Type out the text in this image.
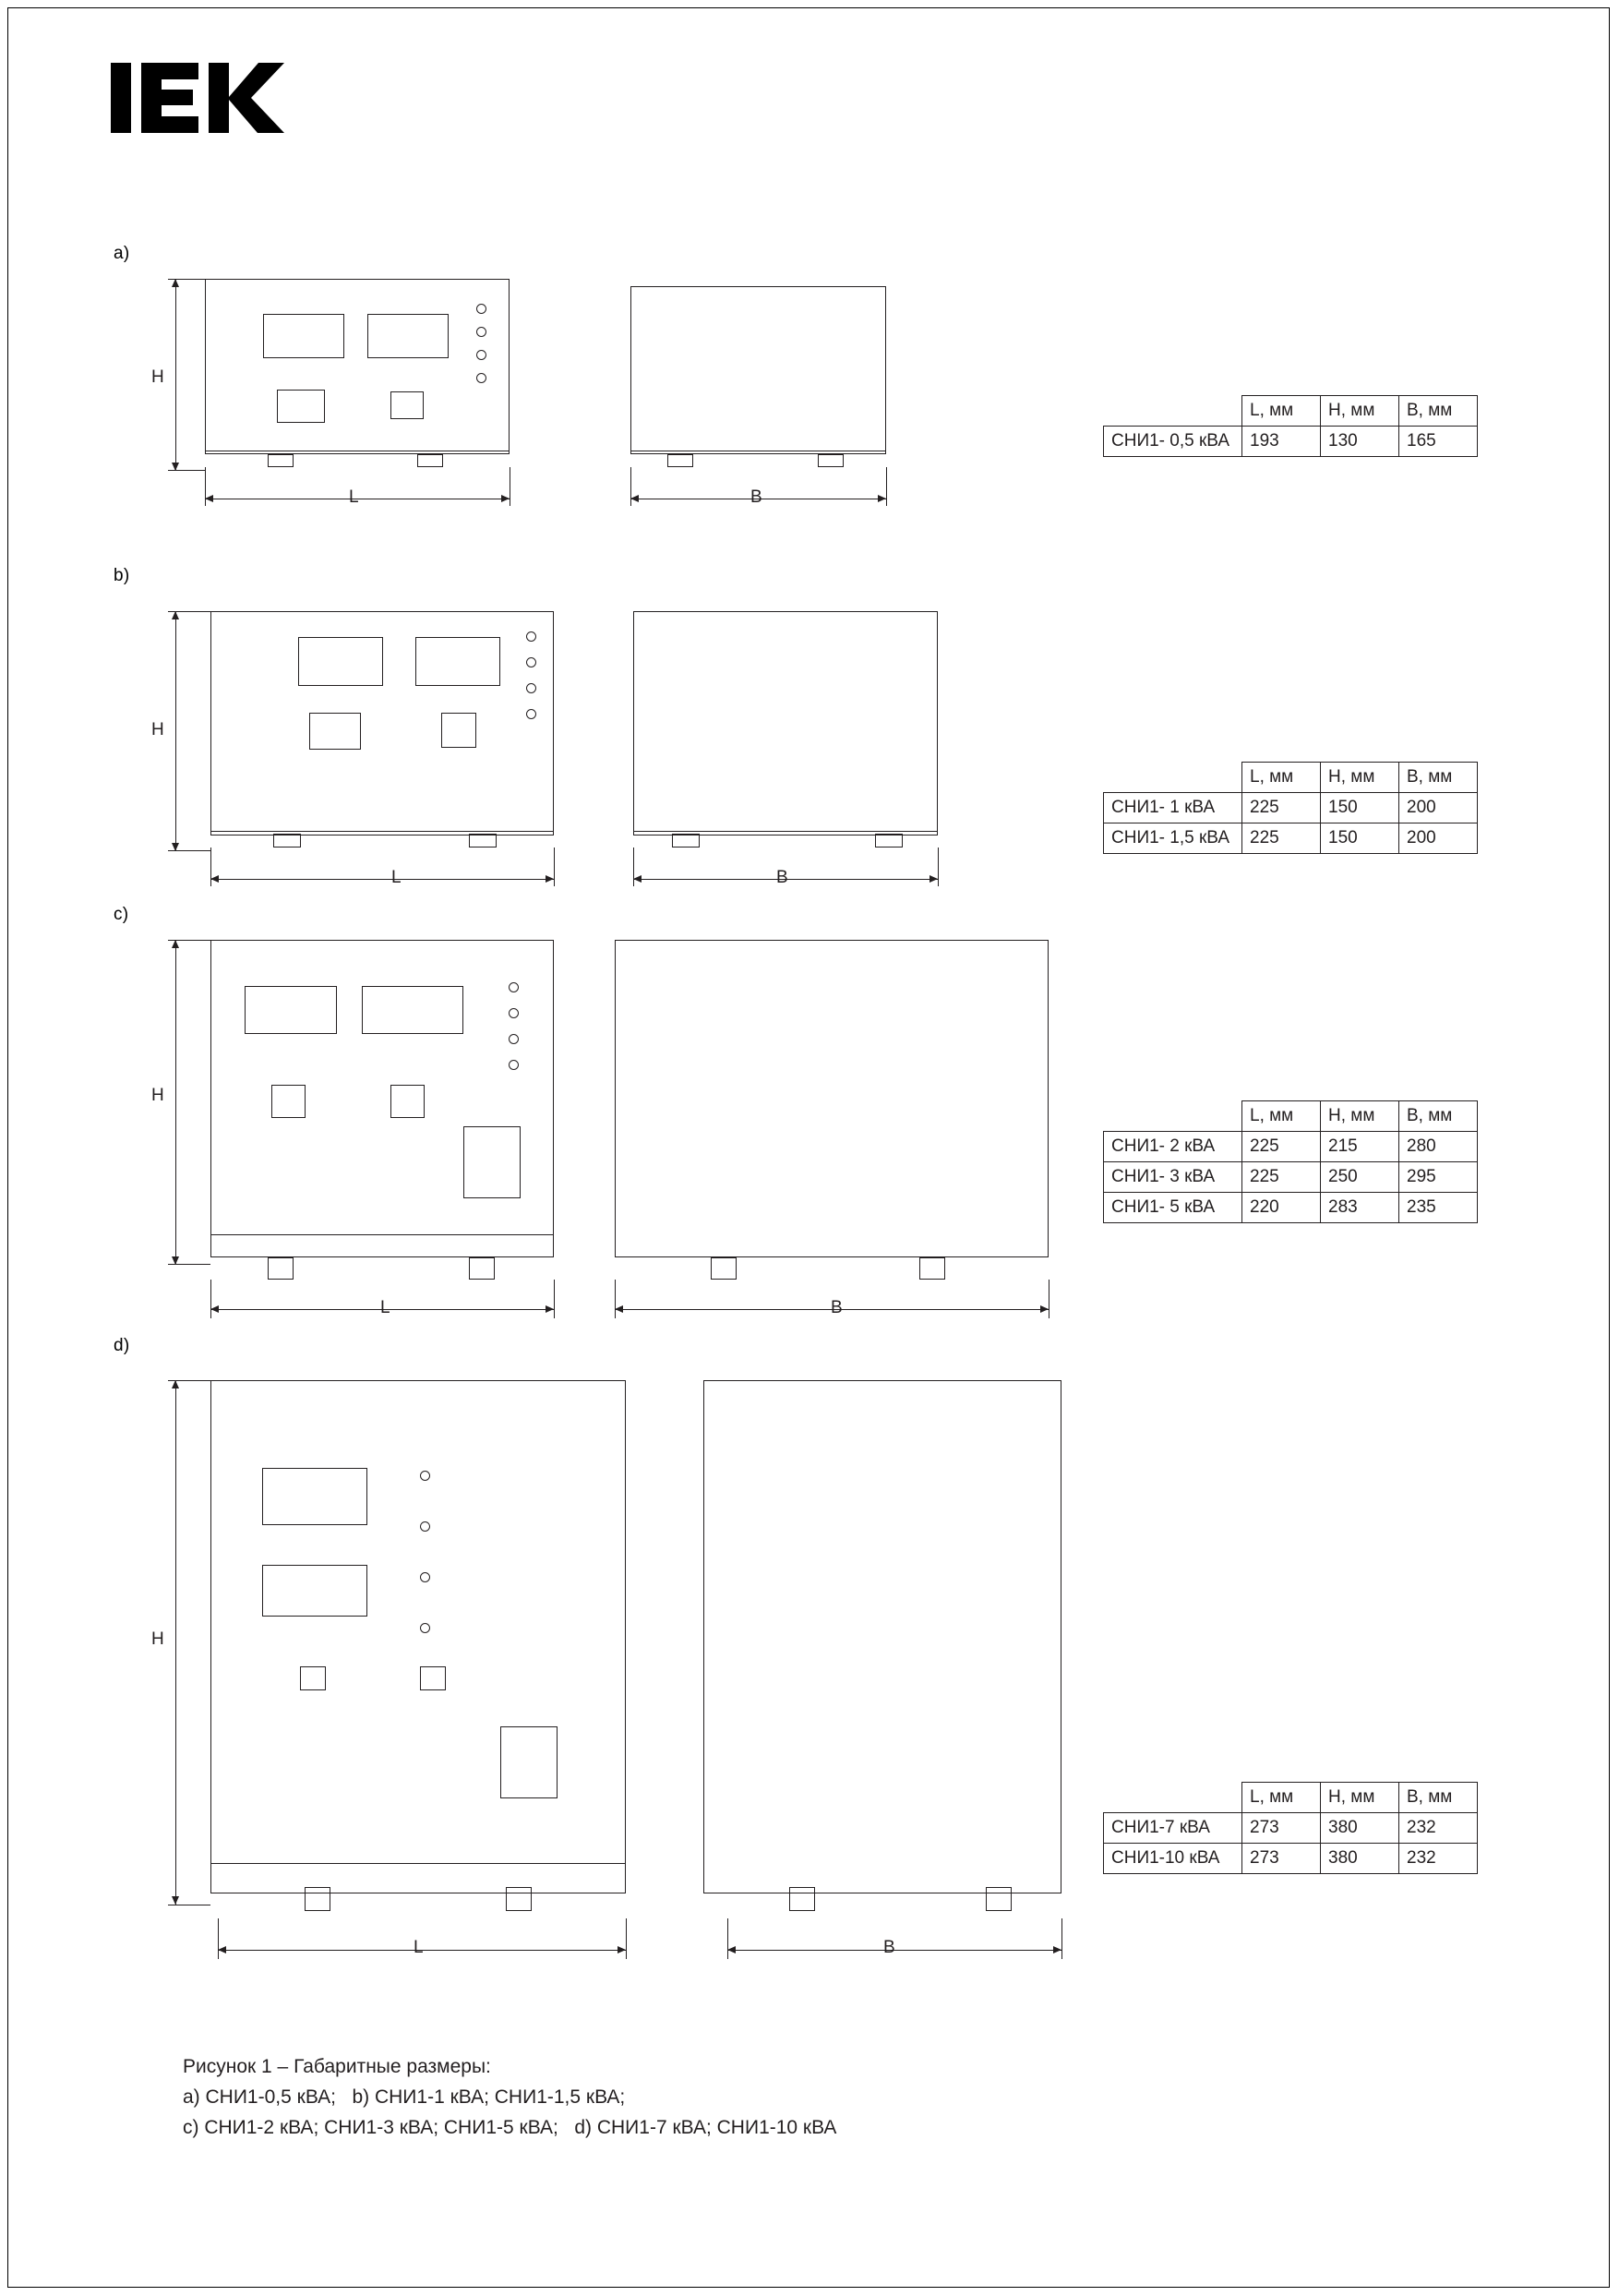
a)
H
L	B
	L, мм	H, мм	B, мм
СНИ1- 0,5 кВА	193	130	165
b)
H
L	B
	L, мм	H, мм	B, мм
СНИ1- 1 кВА	225	150	200
СНИ1- 1,5 кВА	225	150	200
c)
H
L	B
	L, мм	H, мм	B, мм
СНИ1- 2 кВА	225	215	280
СНИ1- 3 кВА	225	250	295
СНИ1- 5 кВА	220	283	235
d)
H
L	B
	L, мм	H, мм	B, мм
СНИ1-7 кВА	273	380	232
СНИ1-10 кВА	273	380	232
Рисунок 1 – Габаритные размеры:
a) СНИ1-0,5 кВА;   b) СНИ1-1 кВА; СНИ1-1,5 кВА;
c) СНИ1-2 кВА; СНИ1-3 кВА; СНИ1-5 кВА;   d) СНИ1-7 кВА; СНИ1-10 кВА
